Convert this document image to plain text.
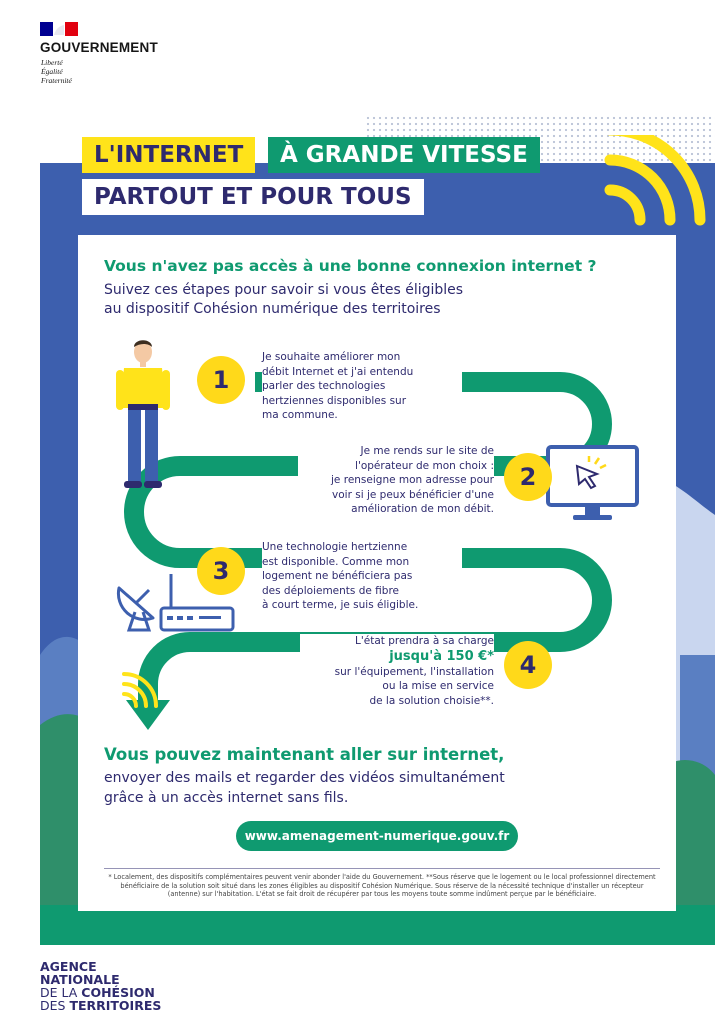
GOUVERNEMENT
Liberté
Égalité
Fraternité
L'INTERNET	À GRANDE VITESSE
PARTOUT ET POUR TOUS
Vous n'avez pas accès à une bonne connexion internet ?
Suivez ces étapes pour savoir si vous êtes éligibles
au dispositif Cohésion numérique des territoires
1
2
3
4
Je souhaite améliorer mon
débit Internet et j'ai entendu
parler des technologies
hertziennes disponibles sur
ma commune.
Je me rends sur le site de
l'opérateur de mon choix :
je renseigne mon adresse pour
voir si je peux bénéficier d'une
amélioration de mon débit.
Une technologie hertzienne
est disponible. Comme mon
logement ne bénéficiera pas
des déploiements de fibre
à court terme, je suis éligible.
L'état prendra à sa charge
jusqu'à 150 €*
sur l'équipement, l'installation
ou la mise en service
de la solution choisie**.
Vous pouvez maintenant aller sur internet,
envoyer des mails et regarder des vidéos simultanément
grâce à un accès internet sans fils.
www.amenagement-numerique.gouv.fr
* Localement, des dispositifs complémentaires peuvent venir abonder l'aide du Gouvernement. **Sous réserve que le logement ou le local professionnel directement bénéficiaire de la solution soit situé dans les zones éligibles au dispositif Cohésion Numérique. Sous réserve de la nécessité technique d'installer un récepteur (antenne) sur l'habitation. L'état se fait droit de récupérer par tous les moyens toute somme indûment perçue par le bénéficiaire.
AGENCE
NATIONALE
DE LA COHÉSION
DES TERRITOIRES
